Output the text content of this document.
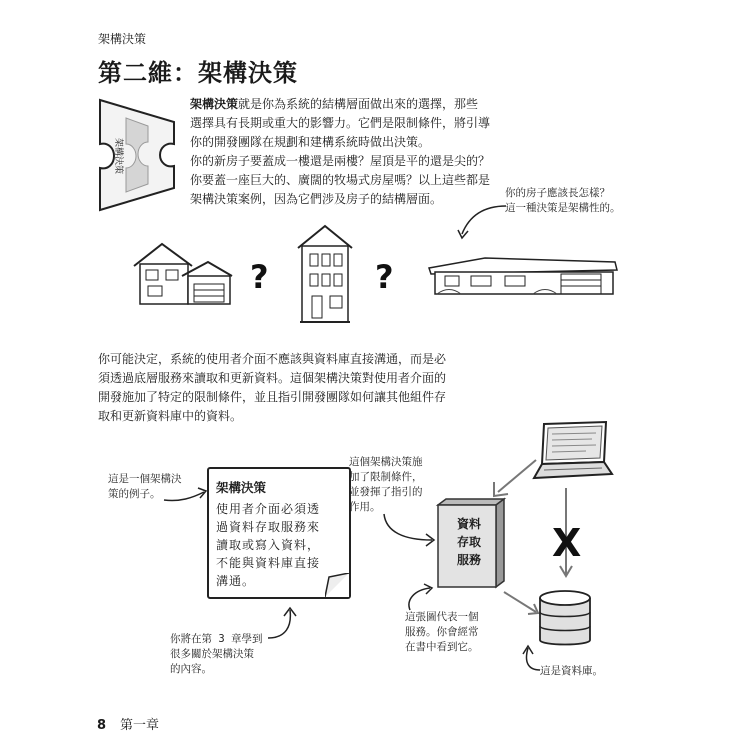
架構決策
第二維：架構決策
架構決策
架構決策就是你為系統的結構層面做出來的選擇，那些選擇具有長期或重大的影響力。它們是限制條件，將引導你的開發團隊在規劃和建構系統時做出決策。
你的新房子要蓋成一樓還是兩樓？屋頂是平的還是尖的？你要蓋一座巨大的、廣闊的牧場式房屋嗎？以上這些都是架構決策案例，因為它們涉及房子的結構層面。	你的房子應該長怎樣？
這一種決策是架構性的。
?	?
你可能決定，系統的使用者介面不應該與資料庫直接溝通，而是必須透過底層服務來讀取和更新資料。這個架構決策對使用者介面的開發施加了特定的限制條件，並且指引開發團隊如何讓其他組件存取和更新資料庫中的資料。
這是一個架構決
策的例子。	架構決策
使用者介面必須透
過資料存取服務來
讀取或寫入資料，
不能與資料庫直接
溝通。
這個架構決策施
加了限制條件，
並發揮了指引的
作用。
X
資料
存取
服務
這張圖代表一個
服務。你會經常
在書中看到它。
你將在第 3 章學到
很多關於架構決策
的內容。	這是資料庫。
8 第一章
